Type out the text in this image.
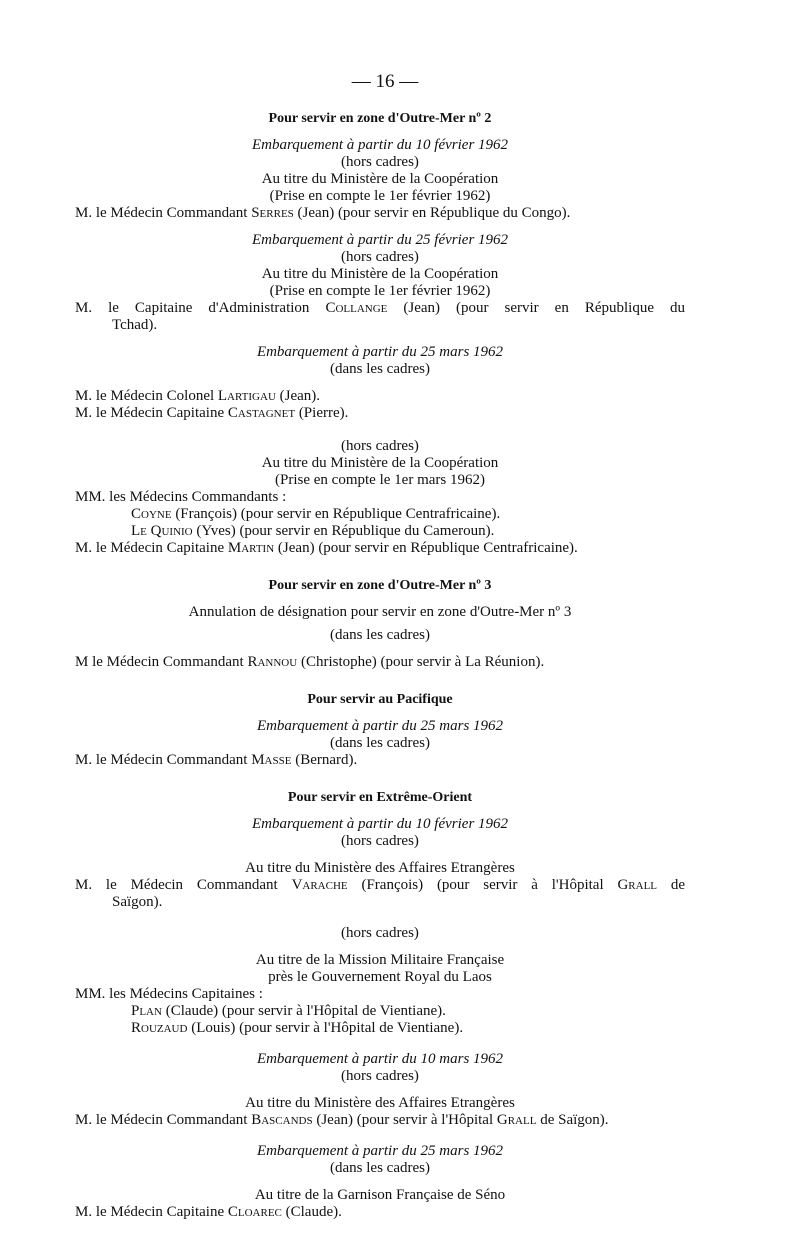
— 16 —
Pour servir en zone d'Outre-Mer nº 2
Embarquement à partir du 10 février 1962
(hors cadres)
Au titre du Ministère de la Coopération
(Prise en compte le 1er février 1962)
M. le Médecin Commandant Serres (Jean) (pour servir en République du Congo).
Embarquement à partir du 25 février 1962
(hors cadres)
Au titre du Ministère de la Coopération
(Prise en compte le 1er février 1962)
M. le Capitaine d'Administration Collange (Jean) (pour servir en République du
Tchad).
Embarquement à partir du 25 mars 1962
(dans les cadres)
M. le Médecin Colonel Lartigau (Jean).
M. le Médecin Capitaine Castagnet (Pierre).
(hors cadres)
Au titre du Ministère de la Coopération
(Prise en compte le 1er mars 1962)
MM. les Médecins Commandants :
Coyne (François) (pour servir en République Centrafricaine).
Le Quinio (Yves) (pour servir en République du Cameroun).
M. le Médecin Capitaine Martin (Jean) (pour servir en République Centrafricaine).
Pour servir en zone d'Outre-Mer nº 3
Annulation de désignation pour servir en zone d'Outre-Mer nº 3
(dans les cadres)
M le Médecin Commandant Rannou (Christophe) (pour servir à La Réunion).
Pour servir au Pacifique
Embarquement à partir du 25 mars 1962
(dans les cadres)
M. le Médecin Commandant Masse (Bernard).
Pour servir en Extrême-Orient
Embarquement à partir du 10 février 1962
(hors cadres)
Au titre du Ministère des Affaires Etrangères
M. le Médecin Commandant Varache (François) (pour servir à l'Hôpital Grall de
Saïgon).
(hors cadres)
Au titre de la Mission Militaire Française
près le Gouvernement Royal du Laos
MM. les Médecins Capitaines :
Plan (Claude) (pour servir à l'Hôpital de Vientiane).
Rouzaud (Louis) (pour servir à l'Hôpital de Vientiane).
Embarquement à partir du 10 mars 1962
(hors cadres)
Au titre du Ministère des Affaires Etrangères
M. le Médecin Commandant Bascands (Jean) (pour servir à l'Hôpital Grall de Saïgon).
Embarquement à partir du 25 mars 1962
(dans les cadres)
Au titre de la Garnison Française de Séno
M. le Médecin Capitaine Cloarec (Claude).
